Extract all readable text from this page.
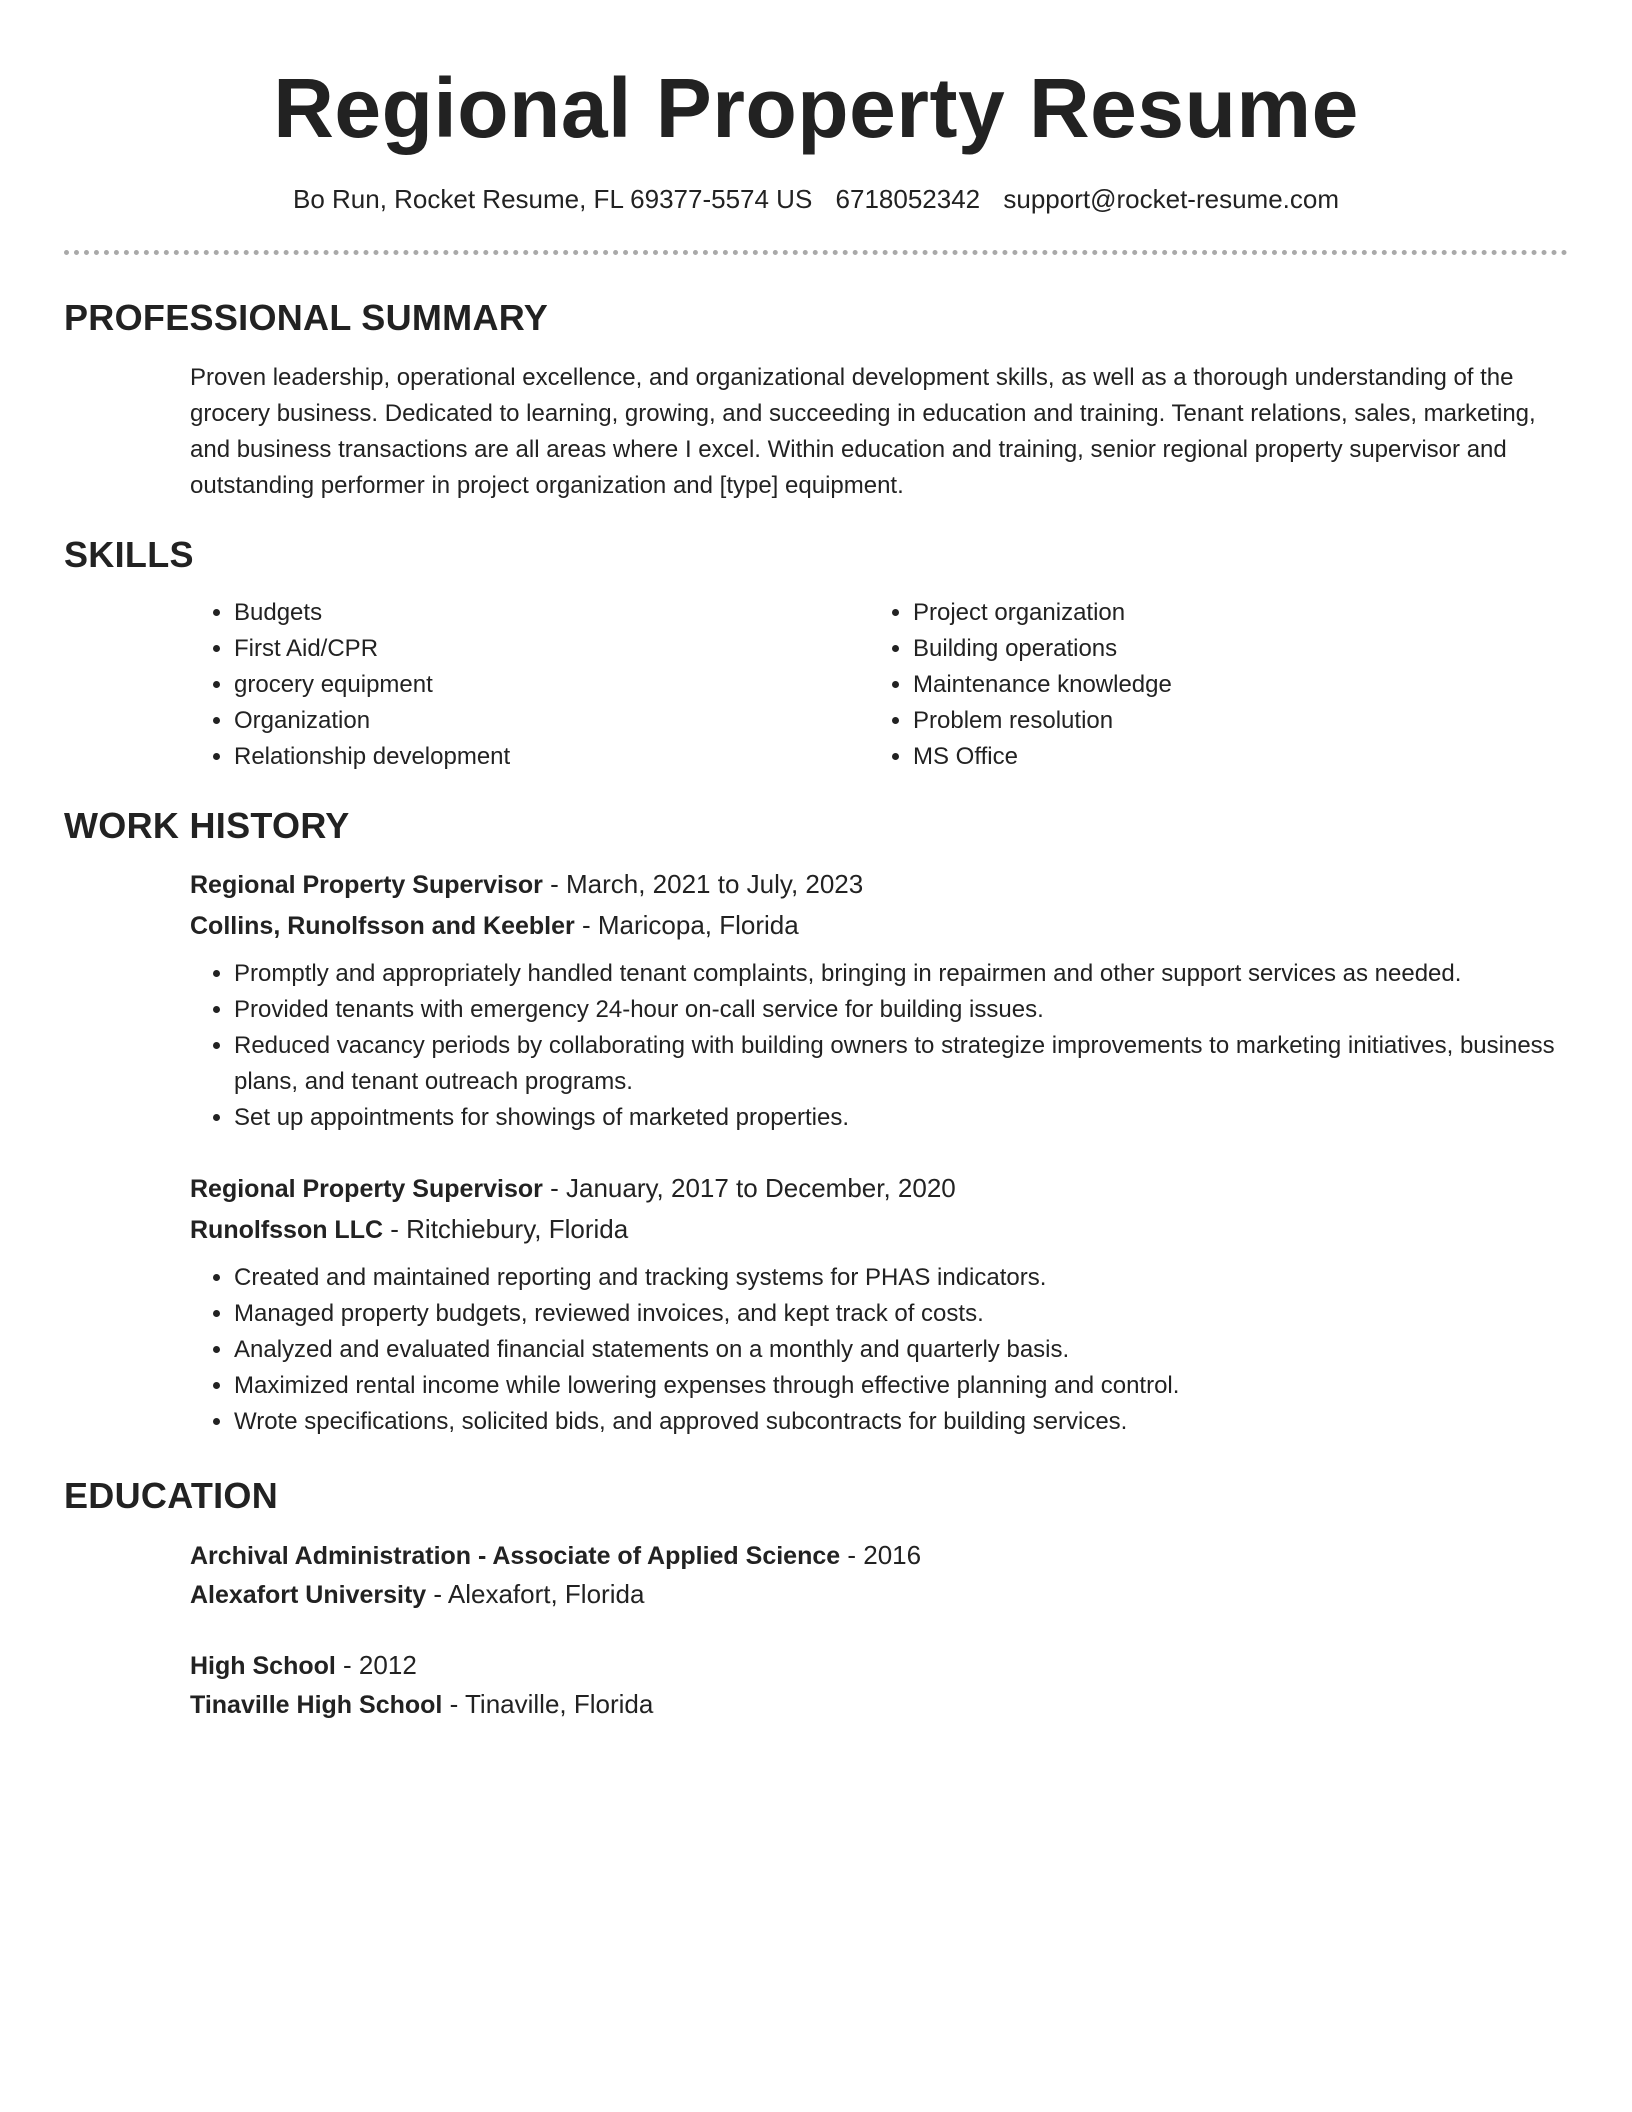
Regional Property Resume
Bo Run, Rocket Resume, FL 69377-5574 US 6718052342 support@rocket-resume.com
PROFESSIONAL SUMMARY

Proven leadership, operational excellence, and organizational development skills, as well as a thorough understanding of the grocery business. Dedicated to learning, growing, and succeeding in education and training. Tenant relations, sales, marketing, and business transactions are all areas where I excel. Within education and training, senior regional property supervisor and outstanding performer in project organization and [type] equipment.

SKILLS
• Budgets
• First Aid/CPR
• grocery equipment
• Organization
• Relationship development
• Project organization
• Building operations
• Maintenance knowledge
• Problem resolution
• MS Office
WORK HISTORY
Regional Property Supervisor - March, 2021 to July, 2023
Collins, Runolfsson and Keebler - Maricopa, Florida
• Promptly and appropriately handled tenant complaints, bringing in repairmen and other support services as needed.
• Provided tenants with emergency 24-hour on-call service for building issues.
• Reduced vacancy periods by collaborating with building owners to strategize improvements to marketing initiatives, business plans, and tenant outreach programs.
• Set up appointments for showings of marketed properties.
Regional Property Supervisor - January, 2017 to December, 2020
Runolfsson LLC - Ritchiebury, Florida
• Created and maintained reporting and tracking systems for PHAS indicators.
• Managed property budgets, reviewed invoices, and kept track of costs.
• Analyzed and evaluated financial statements on a monthly and quarterly basis.
• Maximized rental income while lowering expenses through effective planning and control.
• Wrote specifications, solicited bids, and approved subcontracts for building services.
EDUCATION
Archival Administration - Associate of Applied Science - 2016
Alexafort University - Alexafort, Florida
High School - 2012
Tinaville High School - Tinaville, Florida
